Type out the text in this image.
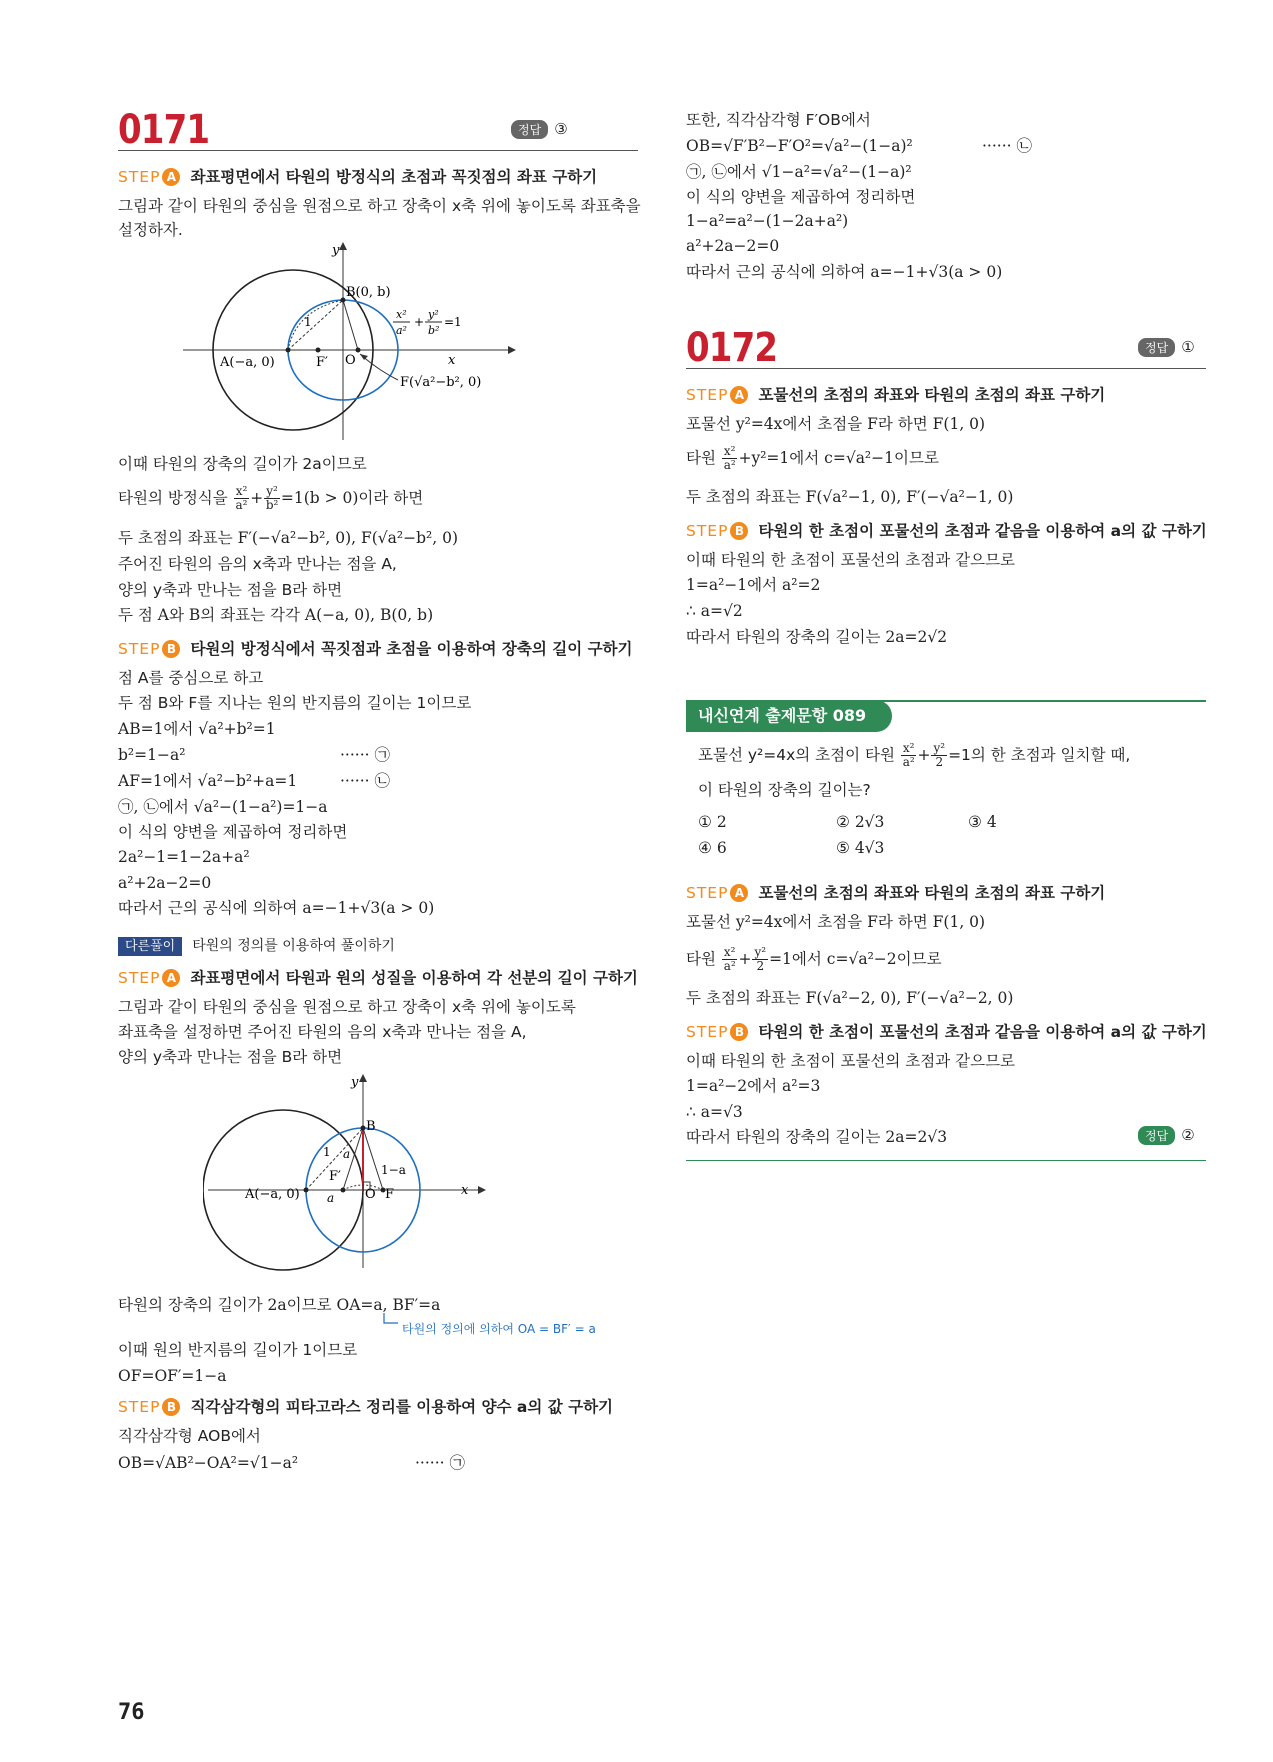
0171	정답 ③
STEP A 좌표평면에서 타원의 방정식의 초점과 꼭짓점의 좌표 구하기
그림과 같이 타원의 중심을 원점으로 하고 장축이 x축 위에 놓이도록 좌표축을
설정하자.
y
x
B(0, b)
A(−a, 0)	F′ O
F(√a²−b², 0)
1
x²
a²
+
y²
b²
=1
이때 타원의 장축의 길이가 2a이므로
타원의 방정식을 $\frac{\text{x²}}{\text{a²}} + \frac{\text{y²}}{\text{b²}} =1(b > 0)$이라 하면
두 초점의 좌표는 F′(−√a²−b², 0), F(√a²−b², 0)
주어진 타원의 음의 x축과 만나는 점을 A,
양의 y축과 만나는 점을 B라 하면
두 점 A와 B의 좌표는 각각 A(−a, 0), B(0, b)
STEP B 타원의 방정식에서 꼭짓점과 초점을 이용하여 장축의 길이 구하기
점 A를 중심으로 하고
두 점 B와 F를 지나는 원의 반지름의 길이는 1이므로
AB=1에서 √a²+b²=1
b²=1−a²	······ ㉠
AF=1에서 √a²−b²+a=1	······ ㉡
㉠, ㉡에서 √a²−(1−a²)=1−a
이 식의 양변을 제곱하여 정리하면
2a²−1=1−2a+a²
a²+2a−2=0
따라서 근의 공식에 의하여 a=−1+√3(a > 0)
다른풀이 타원의 정의를 이용하여 풀이하기
STEP A 좌표평면에서 타원과 원의 성질을 이용하여 각 선분의 길이 구하기
그림과 같이 타원의 중심을 원점으로 하고 장축이 x축 위에 놓이도록
좌표축을 설정하면 주어진 타원의 음의 x축과 만나는 점을 A,
양의 y축과 만나는 점을 B라 하면
y
x
B
A(−a, 0)
F′
O F
1 a
a
1−a
타원의 장축의 길이가 2a이므로 OA=a, BF′=a
타원의 정의에 의하여 OA = BF′ = a
이때 원의 반지름의 길이가 1이므로
OF=OF′=1−a
STEP B 직각삼각형의 피타고라스 정리를 이용하여 양수 a의 값 구하기
직각삼각형 AOB에서
OB=√AB²−OA²=√1−a²	······ ㉠
76
또한, 직각삼각형 F′OB에서
OB=√F′B²−F′O²=√a²−(1−a)²	······ ㉡
㉠, ㉡에서 √1−a²=√a²−(1−a)²
이 식의 양변을 제곱하여 정리하면
1−a²=a²−(1−2a+a²)
a²+2a−2=0
따라서 근의 공식에 의하여 a=−1+√3(a > 0)
0172	정답 ①
STEP A 포물선의 초점의 좌표와 타원의 초점의 좌표 구하기
포물선 y²=4x에서 초점을 F라 하면 F(1, 0)
타원 $\frac{\text{x²}}{\text{a²}} +y^2=1$에서 c=√a²−1이므로
두 초점의 좌표는 F(√a²−1, 0), F′(−√a²−1, 0)
STEP B 타원의 한 초점이 포물선의 초점과 같음을 이용하여 a의 값 구하기
이때 타원의 한 초점이 포물선의 초점과 같으므로
1=a²−1에서 a²=2
∴ a=√2
따라서 타원의 장축의 길이는 2a=2√2
내신연계 출제문항 089
포물선 y²=4x의 초점이 타원 $\frac{\text{x²}}{\text{a²}} + \frac{\text{y²}}{2} =1$의 한 초점과 일치할 때,
이 타원의 장축의 길이는?
① 2	② 2√3	③ 4
④ 6	⑤ 4√3
STEP A 포물선의 초점의 좌표와 타원의 초점의 좌표 구하기
포물선 y²=4x에서 초점을 F라 하면 F(1, 0)
타원 $\frac{\text{x²}}{\text{a²}} + \frac{\text{y²}}{2} =1$에서 c=√a²−2이므로
두 초점의 좌표는 F(√a²−2, 0), F′(−√a²−2, 0)
STEP B 타원의 한 초점이 포물선의 초점과 같음을 이용하여 a의 값 구하기
이때 타원의 한 초점이 포물선의 초점과 같으므로
1=a²−2에서 a²=3
∴ a=√3
따라서 타원의 장축의 길이는 2a=2√3	정답 ②
